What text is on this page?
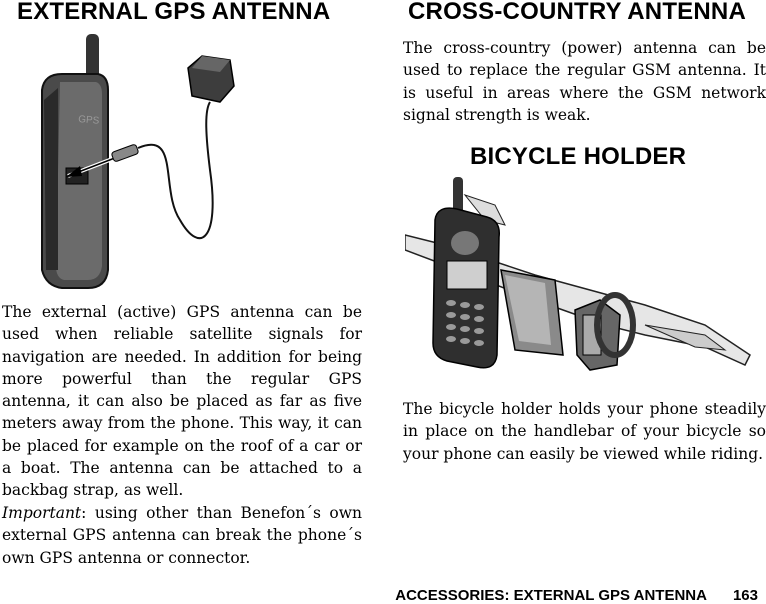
EXTERNAL GPS ANTENNA	CROSS-COUNTRY ANTENNA
GPS

The external (active) GPS antenna can be used when reliable satellite signals for navigation are needed. In addition for being more powerful than the regular GPS antenna, it can also be placed as far as five meters away from the phone. This way, it can be placed for example on the roof of a car or a boat. The antenna can be attached to a backbag strap, as well.

Important: using other than Benefon´s own external GPS antenna can break the phone´s own GPS antenna or connector.

The cross-country (power) antenna can be used to replace the regular GSM antenna. It is useful in areas where the GSM network signal strength is weak.

BICYCLE HOLDER

The bicycle holder holds your phone steadily in place on the handlebar of your bicycle so your phone can easily be viewed while riding.

ACCESSORIES: EXTERNAL GPS ANTENNA 163
